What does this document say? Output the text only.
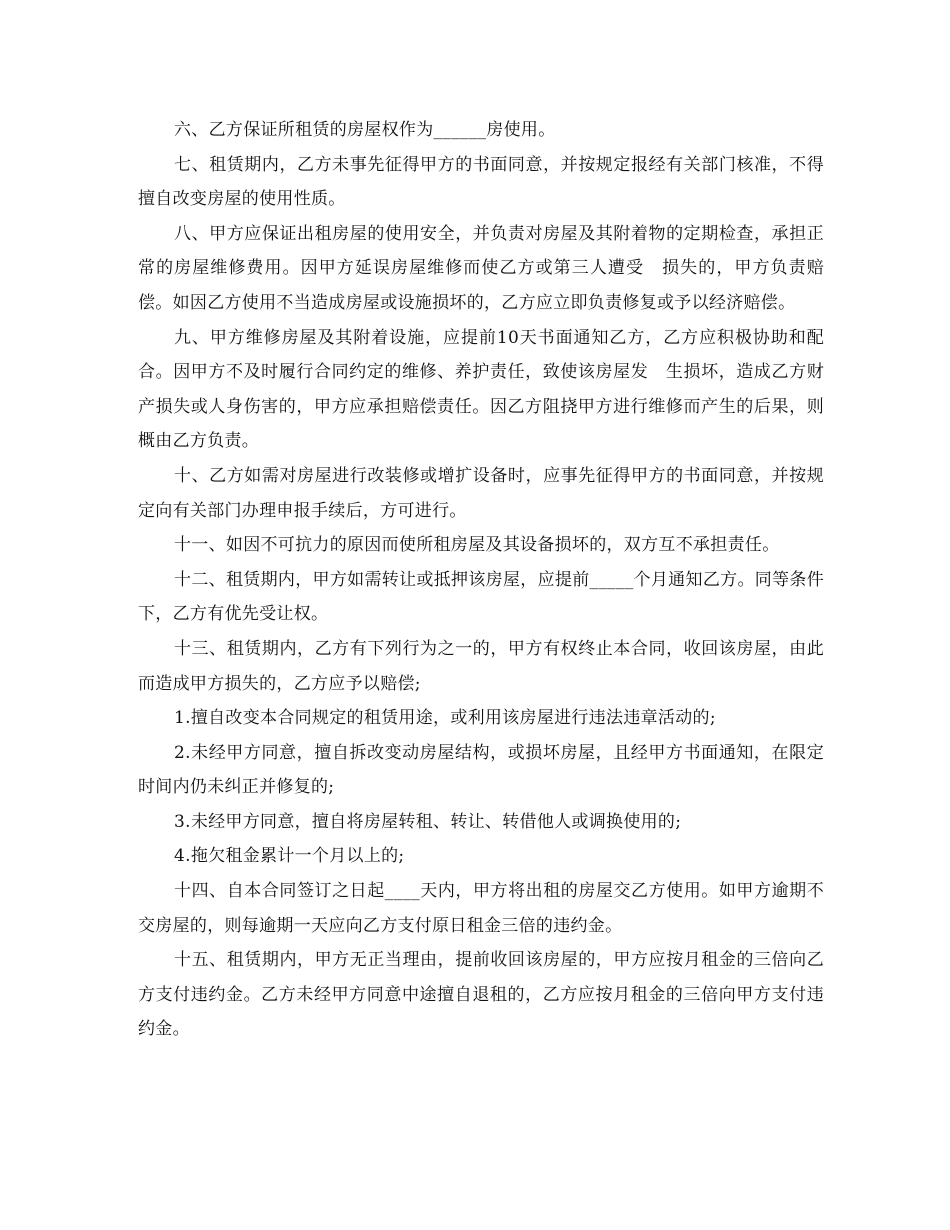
六、乙方保证所租赁的房屋权作为______房使用。

七、租赁期内，乙方未事先征得甲方的书面同意，并按规定报经有关部门核准，不得擅自改变房屋的使用性质。

八、甲方应保证出租房屋的使用安全，并负责对房屋及其附着物的定期检查，承担正常的房屋维修费用。因甲方延误房屋维修而使乙方或第三人遭受　损失的，甲方负责赔偿。如因乙方使用不当造成房屋或设施损坏的，乙方应立即负责修复或予以经济赔偿。

九、甲方维修房屋及其附着设施，应提前10天书面通知乙方，乙方应积极协助和配合。因甲方不及时履行合同约定的维修、养护责任，致使该房屋发　生损坏，造成乙方财产损失或人身伤害的，甲方应承担赔偿责任。因乙方阻挠甲方进行维修而产生的后果，则概由乙方负责。

十、乙方如需对房屋进行改装修或增扩设备时，应事先征得甲方的书面同意，并按规定向有关部门办理申报手续后，方可进行。

十一、如因不可抗力的原因而使所租房屋及其设备损坏的，双方互不承担责任。

十二、租赁期内，甲方如需转让或抵押该房屋，应提前_____个月通知乙方。同等条件下，乙方有优先受让权。

十三、租赁期内，乙方有下列行为之一的，甲方有权终止本合同，收回该房屋，由此而造成甲方损失的，乙方应予以赔偿;

1.擅自改变本合同规定的租赁用途，或利用该房屋进行违法违章活动的;

2.未经甲方同意，擅自拆改变动房屋结构，或损坏房屋，且经甲方书面通知，在限定时间内仍未纠正并修复的;

3.未经甲方同意，擅自将房屋转租、转让、转借他人或调换使用的;

4.拖欠租金累计一个月以上的;

十四、自本合同签订之日起____天内，甲方将出租的房屋交乙方使用。如甲方逾期不交房屋的，则每逾期一天应向乙方支付原日租金三倍的违约金。

十五、租赁期内，甲方无正当理由，提前收回该房屋的，甲方应按月租金的三倍向乙方支付违约金。乙方未经甲方同意中途擅自退租的，乙方应按月租金的三倍向甲方支付违约金。
